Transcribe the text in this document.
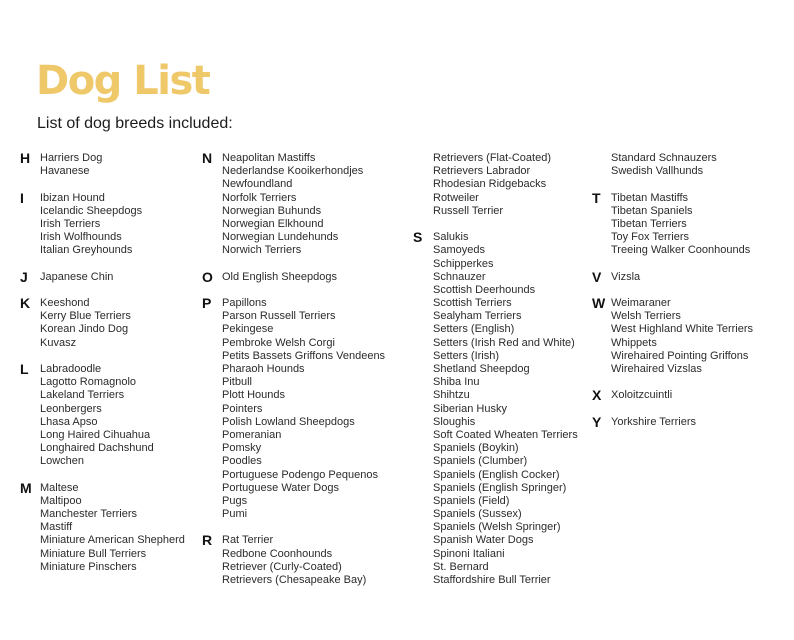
Dog List

List of dog breeds included:

H Harriers Dog
Havanese
I Ibizan Hound
Icelandic Sheepdogs
Irish Terriers
Irish Wolfhounds
Italian Greyhounds
J Japanese Chin
K Keeshond
Kerry Blue Terriers
Korean Jindo Dog
Kuvasz
L Labradoodle
Lagotto Romagnolo
Lakeland Terriers
Leonbergers
Lhasa Apso
Long Haired Cihuahua
Longhaired Dachshund
Lowchen
M Maltese
Maltipoo
Manchester Terriers
Mastiff
Miniature American Shepherd
Miniature Bull Terriers
Miniature Pinschers
N Neapolitan Mastiffs
Nederlandse Kooikerhondjes
Newfoundland
Norfolk Terriers
Norwegian Buhunds
Norwegian Elkhound
Norwegian Lundehunds
Norwich Terriers
O Old English Sheepdogs
P Papillons
Parson Russell Terriers
Pekingese
Pembroke Welsh Corgi
Petits Bassets Griffons Vendeens
Pharaoh Hounds
Pitbull
Plott Hounds
Pointers
Polish Lowland Sheepdogs
Pomeranian
Pomsky
Poodles
Portuguese Podengo Pequenos
Portuguese Water Dogs
Pugs
Pumi
R Rat Terrier
Redbone Coonhounds
Retriever (Curly-Coated)
Retrievers (Chesapeake Bay)
Retrievers (Flat-Coated)
Retrievers Labrador
Rhodesian Ridgebacks
Rotweiler
Russell Terrier
S Salukis
Samoyeds
Schipperkes
Schnauzer
Scottish Deerhounds
Scottish Terriers
Sealyham Terriers
Setters (English)
Setters (Irish Red and White)
Setters (Irish)
Shetland Sheepdog
Shiba Inu
Shihtzu
Siberian Husky
Sloughis
Soft Coated Wheaten Terriers
Spaniels (Boykin)
Spaniels (Clumber)
Spaniels (English Cocker)
Spaniels (English Springer)
Spaniels (Field)
Spaniels (Sussex)
Spaniels (Welsh Springer)
Spanish Water Dogs
Spinoni Italiani
St. Bernard
Staffordshire Bull Terrier
Standard Schnauzers
Swedish Vallhunds
T Tibetan Mastiffs
Tibetan Spaniels
Tibetan Terriers
Toy Fox Terriers
Treeing Walker Coonhounds
V Vizsla
W Weimaraner
Welsh Terriers
West Highland White Terriers
Whippets
Wirehaired Pointing Griffons
Wirehaired Vizslas
X Xoloitzcuintli
Y Yorkshire Terriers
